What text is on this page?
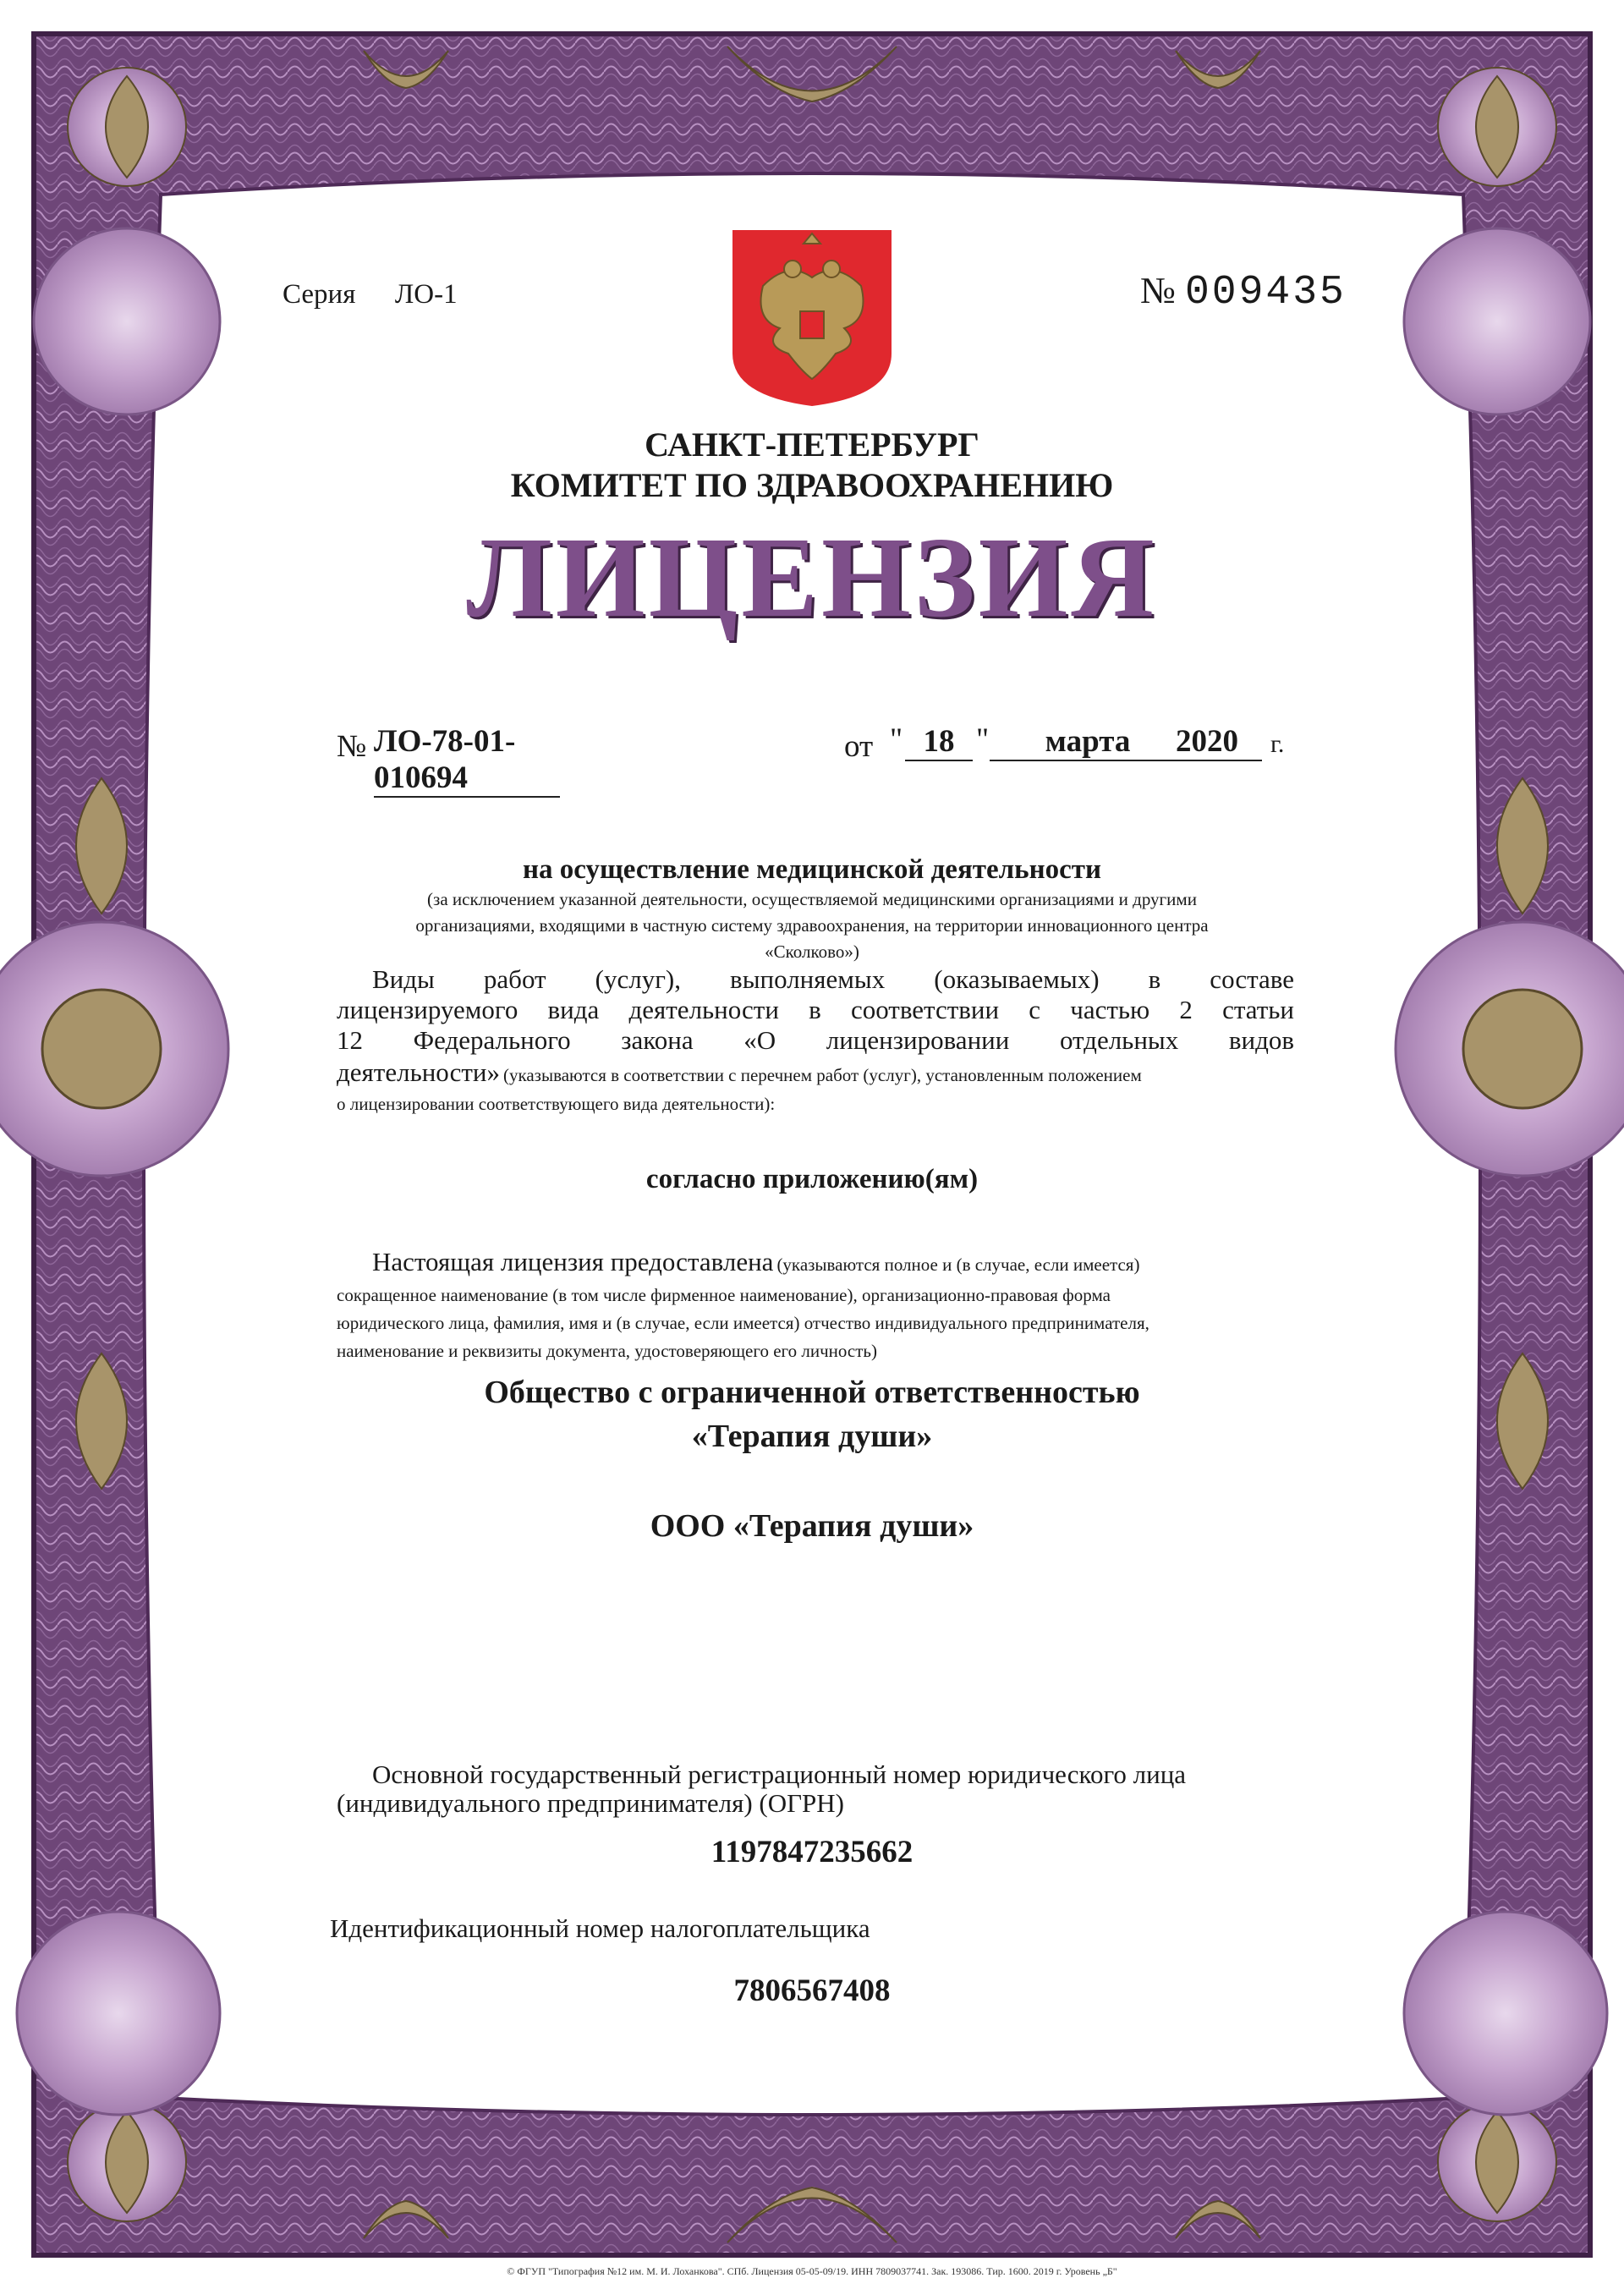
Серия ЛО-1	№ 009435
САНКТ-ПЕТЕРБУРГ
КОМИТЕТ ПО ЗДРАВООХРАНЕНИЮ
ЛИЦЕНЗИЯ
№ ЛО-78-01-010694
от " 18 "	марта	2020 г.
на осуществление медицинской деятельности
(за исключением указанной деятельности, осуществляемой медицинскими организациями и другими
организациями, входящими в частную систему здравоохранения, на территории инновационного центра
«Сколково»)
Виды работ (услуг), выполняемых (оказываемых) в составе
лицензируемого вида деятельности в соответствии с частью 2 статьи
12 Федерального закона «О лицензировании отдельных видов
деятельности» (указываются в соответствии с перечнем работ (услуг), установленным положением
о лицензировании соответствующего вида деятельности):
согласно приложению(ям)
Настоящая лицензия предоставлена (указываются полное и (в случае, если имеется)
сокращенное наименование (в том числе фирменное наименование), организационно-правовая форма
юридического лица, фамилия, имя и (в случае, если имеется) отчество индивидуального предпринимателя,
наименование и реквизиты документа, удостоверяющего его личность)
Общество с ограниченной ответственностью
«Терапия души»
ООО «Терапия души»
Основной государственный регистрационный номер юридического лица
(индивидуального предпринимателя) (ОГРН)
1197847235662
Идентификационный номер налогоплательщика
7806567408
© ФГУП "Типография №12 им. М. И. Лоханкова". СПб. Лицензия 05-05-09/19. ИНН 7809037741. Зак. 193086. Тир. 1600. 2019 г. Уровень „Б"
